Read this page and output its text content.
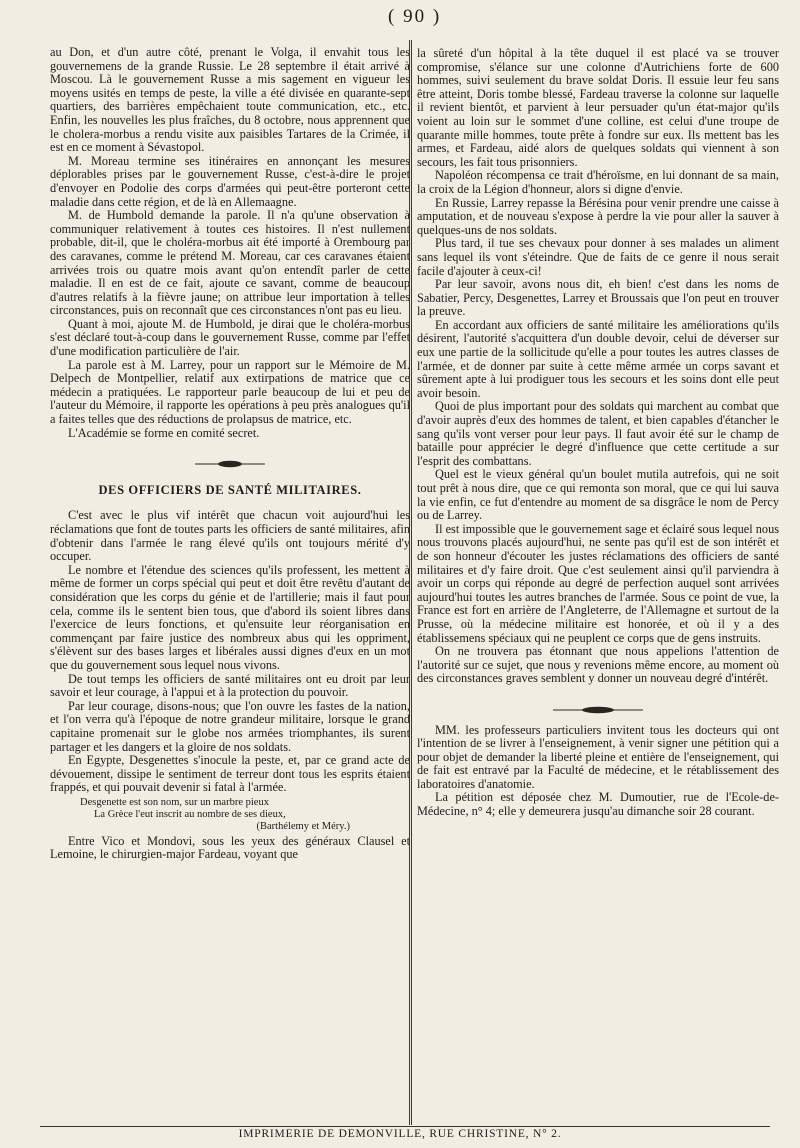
( 90 )

au Don, et d'un autre côté, prenant le Volga, il envahit tous les gouvernemens de la grande Russie. Le 28 septembre il était arrivé à Moscou. Là le gouvernement Russe a mis sagement en vigueur les moyens usités en temps de peste, la ville a été divisée en quarante-sept quartiers, des barrières empêchaient toute communication, etc., etc. Enfin, les nouvelles les plus fraîches, du 8 octobre, nous apprennent que le cholera-morbus a rendu visite aux paisibles Tartares de la Crimée, il est en ce moment à Sévastopol.

M. Moreau termine ses itinéraires en annonçant les mesures déplorables prises par le gouvernement Russe, c'est-à-dire le projet d'envoyer en Podolie des corps d'armées qui peut-être porteront cette maladie dans cette région, et de là en Allemaagne.

M. de Humbold demande la parole. Il n'a qu'une observation à communiquer relativement à toutes ces histoires. Il n'est nullement probable, dit-il, que le choléra-morbus ait été importé à Orembourg par des caravanes, comme le prétend M. Moreau, car ces caravanes étaient arrivées trois ou quatre mois avant qu'on entendît parler de cette maladie. Il en est de ce fait, ajoute ce savant, comme de beaucoup d'autres relatifs à la fièvre jaune; on attribue leur importation à telles circonstances, puis on reconnaît que ces circonstances n'ont pas eu lieu.

Quant à moi, ajoute M. de Humbold, je dirai que le choléra-morbus s'est déclaré tout-à-coup dans le gouvernement Russe, comme par l'effet d'une modification particulière de l'air.

La parole est à M. Larrey, pour un rapport sur le Mémoire de M. Delpech de Montpellier, relatif aux extirpations de matrice que ce médecin a pratiquées. Le rapporteur parle beaucoup de lui et peu de l'auteur du Mémoire, il rapporte les opérations à peu près analogues qu'il a faites telles que des réductions de prolapsus de matrice, etc.

L'Académie se forme en comité secret.

DES OFFICIERS DE SANTÉ MILITAIRES.

C'est avec le plus vif intérêt que chacun voit aujourd'hui les réclamations que font de toutes parts les officiers de santé militaires, afin d'obtenir dans l'armée le rang élevé qu'ils ont toujours mérité d'y occuper.

Le nombre et l'étendue des sciences qu'ils professent, les mettent à même de former un corps spécial qui peut et doit être revêtu d'autant de considération que les corps du génie et de l'artillerie; mais il faut pour cela, comme ils le sentent bien tous, que d'abord ils soient libres dans l'exercice de leurs fonctions, et qu'ensuite leur réorganisation en commençant par faire justice des nombreux abus qui les oppriment, s'élèvent sur des bases larges et libérales aussi dignes d'eux en un mot que du gouvernement sous lequel nous vivons.

De tout temps les officiers de santé militaires ont eu droit par leur savoir et leur courage, à l'appui et à la protection du pouvoir.

Par leur courage, disons-nous; que l'on ouvre les fastes de la nation, et l'on verra qu'à l'époque de notre grandeur militaire, lorsque le grand capitaine promenait sur le globe nos armées triomphantes, ils surent partager et les dangers et la gloire de nos soldats.

En Egypte, Desgenettes s'inocule la peste, et, par ce grand acte de dévouement, dissipe le sentiment de terreur dont tous les esprits étaient frappés, et qui pouvait devenir si fatal à l'armée.

Desgenette est son nom, sur un marbre pieux
La Grèce l'eut inscrit au nombre de ses dieux,
(Barthélemy et Méry.)

Entre Vico et Mondovi, sous les yeux des généraux Clausel et Lemoine, le chirurgien-major Fardeau, voyant que

la sûreté d'un hôpital à la tête duquel il est placé va se trouver compromise, s'élance sur une colonne d'Autrichiens forte de 600 hommes, suivi seulement du brave soldat Doris. Il essuie leur feu sans être atteint, Doris tombe blessé, Fardeau traverse la colonne sur laquelle il revient bientôt, et parvient à leur persuader qu'un état-major qu'ils voient au loin sur le sommet d'une colline, est celui d'une troupe de quarante mille hommes, toute prête à fondre sur eux. Ils mettent bas les armes, et Fardeau, aidé alors de quelques soldats qui viennent à son secours, les fait tous prisonniers.

Napoléon récompensa ce trait d'héroïsme, en lui donnant de sa main, la croix de la Légion d'honneur, alors si digne d'envie.

En Russie, Larrey repasse la Bérésina pour venir prendre une caisse à amputation, et de nouveau s'expose à perdre la vie pour aller la sauver à quelques-uns de nos soldats.

Plus tard, il tue ses chevaux pour donner à ses malades un aliment sans lequel ils vont s'éteindre. Que de faits de ce genre il nous serait facile d'ajouter à ceux-ci!

Par leur savoir, avons nous dit, eh bien! c'est dans les noms de Sabatier, Percy, Desgenettes, Larrey et Broussais que l'on peut en trouver la preuve.

En accordant aux officiers de santé militaire les améliorations qu'ils désirent, l'autorité s'acquittera d'un double devoir, celui de déverser sur eux une partie de la sollicitude qu'elle a pour toutes les autres classes de l'armée, et de donner par suite à cette même armée un corps savant et sûrement apte à lui prodiguer tous les secours et les soins dont elle peut avoir besoin.

Quoi de plus important pour des soldats qui marchent au combat que d'avoir auprès d'eux des hommes de talent, et bien capables d'étancher le sang qu'ils vont verser pour leur pays. Il faut avoir été sur le champ de bataille pour apprécier le degré d'influence que cette certitude a sur l'esprit des combattans.

Quel est le vieux général qu'un boulet mutila autrefois, qui ne soit tout prêt à nous dire, que ce qui remonta son moral, que ce qui lui sauva la vie enfin, ce fut d'entendre au moment de sa disgrâce le nom de Percy ou de Larrey.

Il est impossible que le gouvernement sage et éclairé sous lequel nous nous trouvons placés aujourd'hui, ne sente pas qu'il est de son intérêt et de son honneur d'écouter les justes réclamations des officiers de santé militaires et d'y faire droit. Que c'est seulement ainsi qu'il parviendra à avoir un corps qui réponde au degré de perfection auquel sont arrivées aujourd'hui toutes les autres branches de l'armée. Sous ce point de vue, la France est fort en arrière de l'Angleterre, de l'Allemagne et surtout de la Prusse, où la médecine militaire est honorée, et où il y a des établissemens spéciaux qui ne peuplent ce corps que de gens instruits.

On ne trouvera pas étonnant que nous appelions l'attention de l'autorité sur ce sujet, que nous y revenions même encore, au moment où des circonstances graves semblent y donner un nouveau degré d'intérêt.

MM. les professeurs particuliers invitent tous les docteurs qui ont l'intention de se livrer à l'enseignement, à venir signer une pétition qui a pour objet de demander la liberté pleine et entière de l'enseignement, qui de fait est entravé par la Faculté de médecine, et le rétablissement des laboratoires d'anatomie.

La pétition est déposée chez M. Dumoutier, rue de l'Ecole-de-Médecine, n° 4; elle y demeurera jusqu'au dimanche soir 28 courant.

IMPRIMERIE DE DEMONVILLE, RUE CHRISTINE, N° 2.
